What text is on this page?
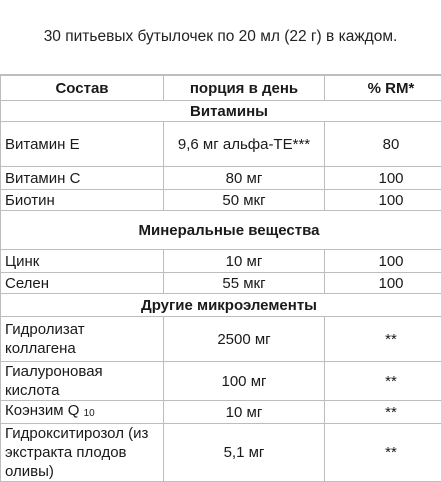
30 питьевых бутылочек по 20 мл (22 г) в каждом.
Состав	порция в день	% RM*
Витамины		
Витамин Е	9,6 мг альфа-ТЕ***	80
Витамин С	80 мг	100
Биотин	50 мкг	100
Минеральные вещества		
Цинк	10 мг	100
Селен	55 мкг	100
Другие микроэлементы		
Гидролизат коллагена	2500 мг	**
Гиалуроновая кислота	100 мг	**
Коэнзим Q $_{10}$	10 мг	**
Гидрокситирозол (из экстракта плодов оливы)	5,1 мг	**
